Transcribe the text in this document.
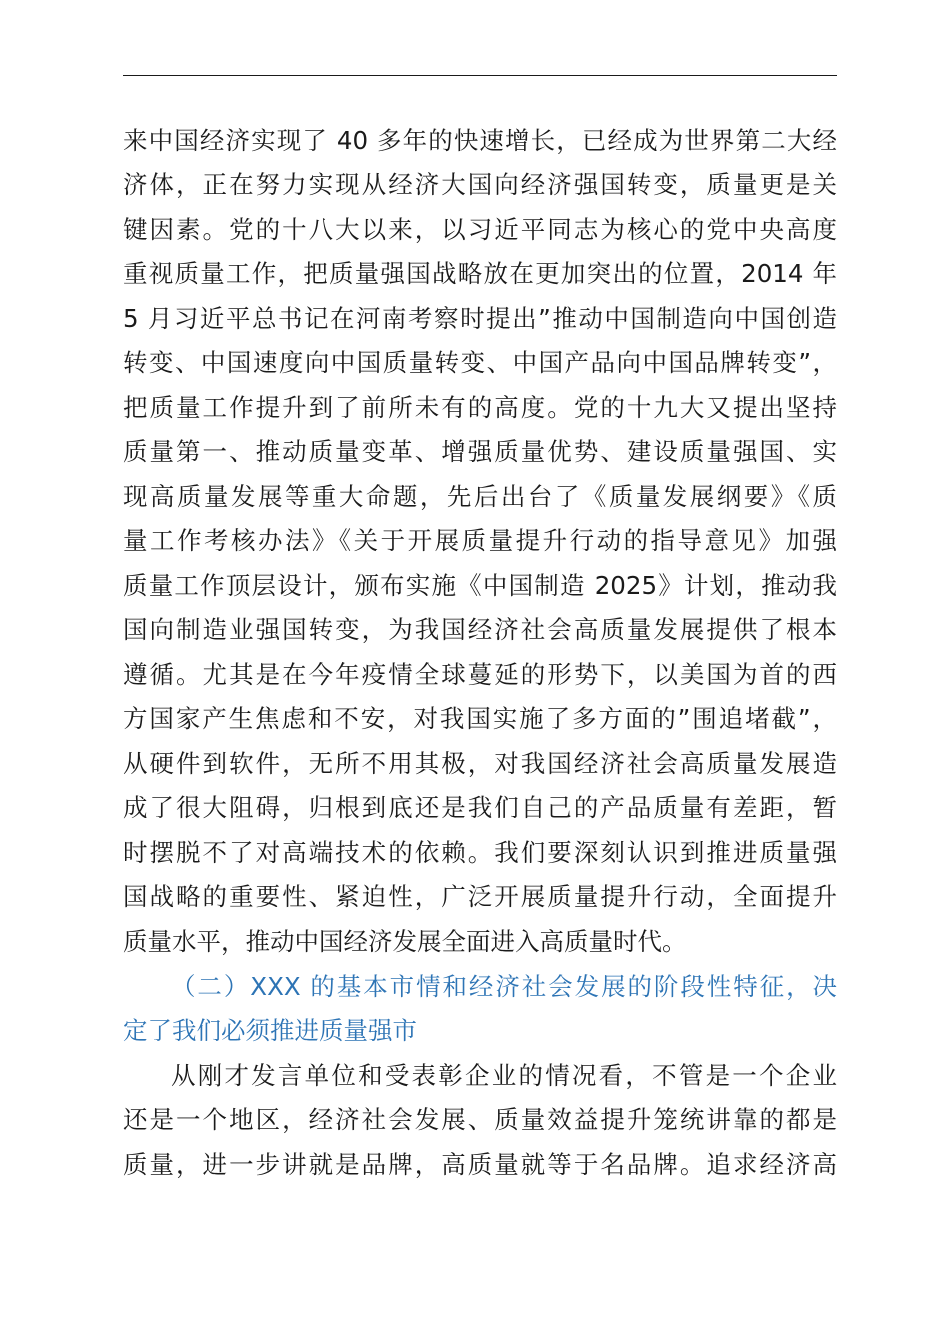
来中国经济实现了 40 多年的快速增长，已经成为世界第二大经
济体，正在努力实现从经济大国向经济强国转变，质量更是关
键因素。党的十八大以来，以习近平同志为核心的党中央高度
重视质量工作，把质量强国战略放在更加突出的位置，2014 年
5 月习近平总书记在河南考察时提出”推动中国制造向中国创造
转变、中国速度向中国质量转变、中国产品向中国品牌转变”，
把质量工作提升到了前所未有的高度。党的十九大又提出坚持
质量第一、推动质量变革、增强质量优势、建设质量强国、实
现高质量发展等重大命题，先后出台了《质量发展纲要》《质
量工作考核办法》《关于开展质量提升行动的指导意见》加强
质量工作顶层设计，颁布实施《中国制造 2025》计划，推动我
国向制造业强国转变，为我国经济社会高质量发展提供了根本
遵循。尤其是在今年疫情全球蔓延的形势下，以美国为首的西
方国家产生焦虑和不安，对我国实施了多方面的”围追堵截”，
从硬件到软件，无所不用其极，对我国经济社会高质量发展造
成了很大阻碍，归根到底还是我们自己的产品质量有差距，暂
时摆脱不了对高端技术的依赖。我们要深刻认识到推进质量强
国战略的重要性、紧迫性，广泛开展质量提升行动，全面提升
质量水平，推动中国经济发展全面进入高质量时代。
（二）XXX 的基本市情和经济社会发展的阶段性特征，决
定了我们必须推进质量强市
从刚才发言单位和受表彰企业的情况看，不管是一个企业
还是一个地区，经济社会发展、质量效益提升笼统讲靠的都是
质量，进一步讲就是品牌，高质量就等于名品牌。追求经济高
